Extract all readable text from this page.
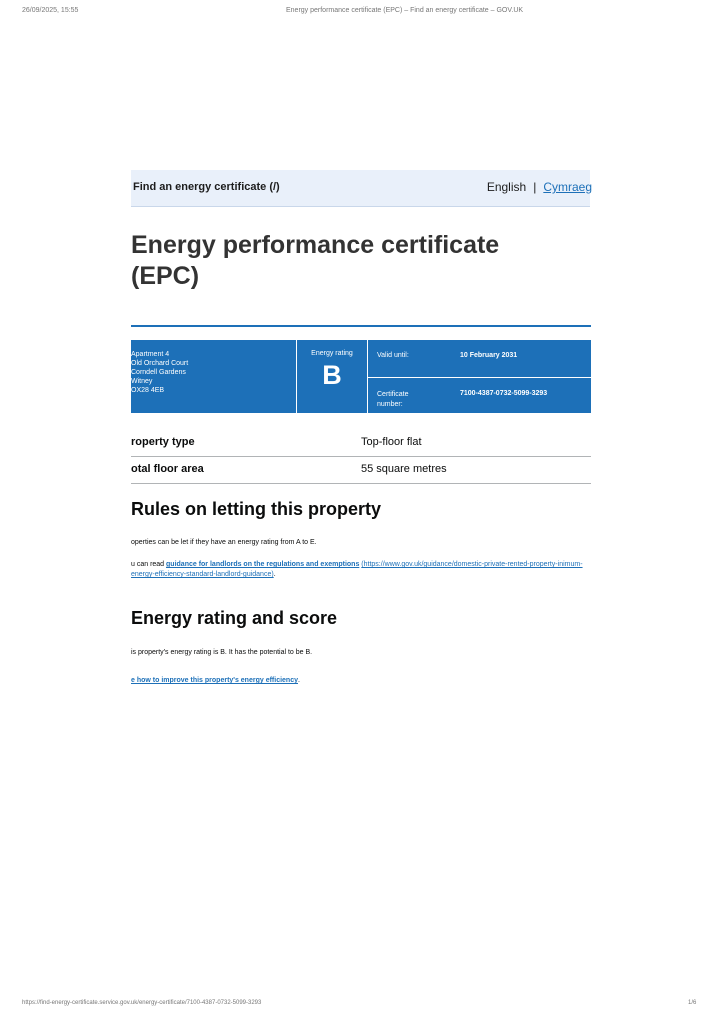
26/09/2025, 15:55	Energy performance certificate (EPC) – Find an energy certificate – GOV.UK
Find an energy certificate (/)	English | Cymraeg
Energy performance certificate (EPC)
Apartment 4
Old Orchard Court
Corndell Gardens
Witney
OX28 4EB
Energy rating
B
Valid until:	10 February 2031
Certificate number:
7100-4387-0732-5099-3293
roperty type	Top-floor flat
otal floor area	55 square metres
Rules on letting this property
operties can be let if they have an energy rating from A to E.
u can read guidance for landlords on the regulations and exemptions (https://www.gov.uk/guidance/domestic-private-rented-property-inimum-energy-efficiency-standard-landlord-guidance).
Energy rating and score
is property's energy rating is B. It has the potential to be B.
e how to improve this property's energy efficiency.
https://find-energy-certificate.service.gov.uk/energy-certificate/7100-4387-0732-5099-3293	1/6
